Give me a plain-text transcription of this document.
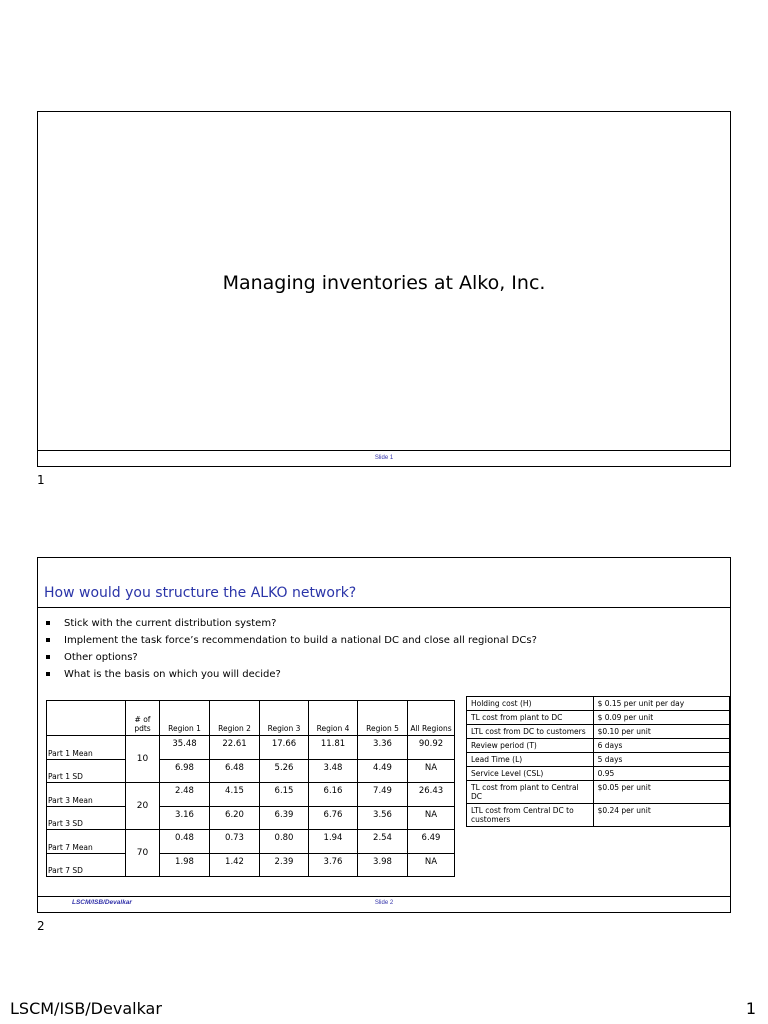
Managing inventories at Alko, Inc.
Slide 1
1
How would you structure the ALKO network?
Stick with the current distribution system?
Implement the task force’s recommendation to build a national DC and close all regional DCs?
Other options?
What is the basis on which you will decide?
	# of pdts	Region 1	Region 2	Region 3	Region 4	Region 5	All Regions
Part 1 Mean	10	35.48	22.61	17.66	11.81	3.36	90.92
Part 1 SD		6.98	6.48	5.26	3.48	4.49	NA
Part 3 Mean	20	2.48	4.15	6.15	6.16	7.49	26.43
Part 3 SD		3.16	6.20	6.39	6.76	3.56	NA
Part 7 Mean	70	0.48	0.73	0.80	1.94	2.54	6.49
Part 7 SD		1.98	1.42	2.39	3.76	3.98	NA
Holding cost (H)	$ 0.15 per unit per day
TL cost from plant to DC	$ 0.09 per unit
LTL cost from DC to customers	$0.10 per unit
Review period (T)	6 days
Lead Time (L)	5 days
Service Level (CSL)	0.95
TL cost from plant to Central DC	$0.05 per unit
LTL cost from Central DC to customers	$0.24 per unit
LSCM/ISB/Devalkar	Slide 2
2
LSCM/ISB/Devalkar	1
